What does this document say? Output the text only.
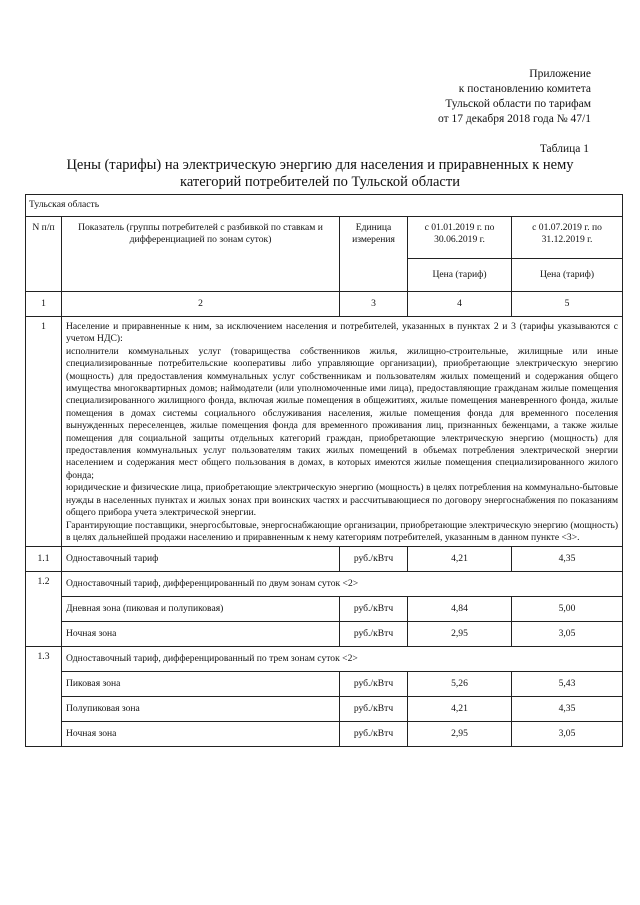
Приложение
к постановлению комитета
Тульской области по тарифам
от 17 декабря 2018 года № 47/1
Таблица 1
Цены (тарифы) на электрическую энергию для населения и приравненных к нему категорий потребителей по Тульской области
Тульская область				
N п/п	Показатель (группы потребителей с разбивкой по ставкам и дифференциацией по зонам суток)	Единица измерения	с 01.01.2019 г. по 30.06.2019 г.	с 01.07.2019 г. по 31.12.2019 г.
			Цена (тариф)	Цена (тариф)
1	2	3	4	5
1	Население и приравненные к ним, за исключением населения и потребителей, указанных в пунктах 2 и 3 (тарифы указываются с учетом НДС):
исполнители коммунальных услуг (товарищества собственников жилья, жилищно-строительные, жилищные или иные специализированные потребительские кооперативы либо управляющие организации), приобретающие электрическую энергию (мощность) для предоставления коммунальных услуг собственникам и пользователям жилых помещений и содержания общего имущества многоквартирных домов; наймодатели (или уполномоченные ими лица), предоставляющие гражданам жилые помещения специализированного жилищного фонда, включая жилые помещения в общежитиях, жилые помещения маневренного фонда, жилые помещения в домах системы социального обслуживания населения, жилые помещения фонда для временного поселения вынужденных переселенцев, жилые помещения фонда для временного проживания лиц, признанных беженцами, а также жилые помещения для социальной защиты отдельных категорий граждан, приобретающие электрическую энергию (мощность) для предоставления коммунальных услуг пользователям таких жилых помещений в объемах потребления электрической энергии населением и содержания мест общего пользования в домах, в которых имеются жилые помещения специализированного жилого фонда;
юридические и физические лица, приобретающие электрическую энергию (мощность) в целях потребления на коммунально-бытовые нужды в населенных пунктах и жилых зонах при воинских частях и рассчитывающиеся по договору энергоснабжения по показаниям общего прибора учета электрической энергии.
Гарантирующие поставщики, энергосбытовые, энергоснабжающие организации, приобретающие электрическую энергию (мощность) в целях дальнейшей продажи населению и приравненным к нему категориям потребителей, указанным в данном пункте <3>.			

1.1	Одноставочный тариф	руб./кВтч	4,21	4,35
1.2	Одноставочный тариф, дифференцированный по двум зонам суток <2>			
	Дневная зона (пиковая и полупиковая)	руб./кВтч	4,84	5,00
	Ночная зона	руб./кВтч	2,95	3,05
1.3	Одноставочный тариф, дифференцированный по трем зонам суток <2>			
	Пиковая зона	руб./кВтч	5,26	5,43
	Полупиковая зона	руб./кВтч	4,21	4,35
	Ночная зона	руб./кВтч	2,95	3,05
